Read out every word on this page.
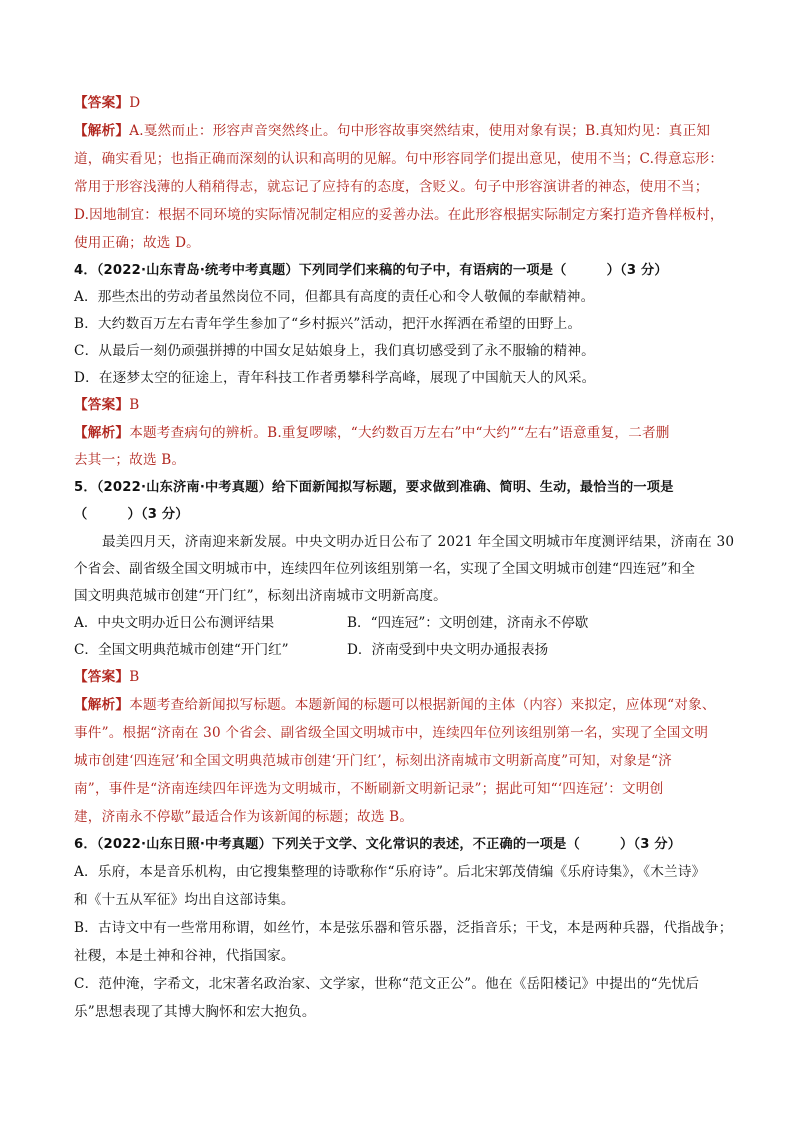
【答案】D
【解析】A.戛然而止：形容声音突然终止。句中形容故事突然结束，使用对象有误；B.真知灼见：真正知
道，确实看见；也指正确而深刻的认识和高明的见解。句中形容同学们提出意见，使用不当；C.得意忘形：
常用于形容浅薄的人稍稍得志，就忘记了应持有的态度，含贬义。句子中形容演讲者的神态，使用不当；
D.因地制宜：根据不同环境的实际情况制定相应的妥善办法。在此形容根据实际制定方案打造齐鲁样板村，
使用正确；故选 D。
4．（2022·山东青岛·统考中考真题）下列同学们来稿的句子中，有语病的一项是（　　　）（3 分）
A．那些杰出的劳动者虽然岗位不同，但都具有高度的责任心和令人敬佩的奉献精神。
B．大约数百万左右青年学生参加了“乡村振兴”活动，把汗水挥洒在希望的田野上。
C．从最后一刻仍顽强拼搏的中国女足姑娘身上，我们真切感受到了永不服输的精神。
D．在逐梦太空的征途上，青年科技工作者勇攀科学高峰，展现了中国航天人的风采。
【答案】B
【解析】本题考查病句的辨析。B.重复啰嗦，“大约数百万左右”中“大约”“左右”语意重复，二者删
去其一；故选 B。
5．（2022·山东济南·中考真题）给下面新闻拟写标题，要求做到准确、简明、生动，最恰当的一项是
（　　　）（3 分）
最美四月天，济南迎来新发展。中央文明办近日公布了 2021 年全国文明城市年度测评结果，济南在 30
个省会、副省级全国文明城市中，连续四年位列该组别第一名，实现了全国文明城市创建“四连冠”和全
国文明典范城市创建“开门红”，标刻出济南城市文明新高度。
A．中央文明办近日公布测评结果	B．“四连冠”：文明创建，济南永不停歇
C．全国文明典范城市创建“开门红”	D．济南受到中央文明办通报表扬
【答案】B
【解析】本题考查给新闻拟写标题。本题新闻的标题可以根据新闻的主体（内容）来拟定，应体现“对象、
事件”。根据“济南在 30 个省会、副省级全国文明城市中，连续四年位列该组别第一名，实现了全国文明
城市创建‘四连冠’和全国文明典范城市创建‘开门红’，标刻出济南城市文明新高度”可知，对象是“济
南”，事件是“济南连续四年评选为文明城市，不断刷新文明新记录”；据此可知“‘四连冠’：文明创
建，济南永不停歇”最适合作为该新闻的标题；故选 B。
6．（2022·山东日照·中考真题）下列关于文学、文化常识的表述，不正确的一项是（　　　）（3 分）
A．乐府，本是音乐机构，由它搜集整理的诗歌称作“乐府诗”。后北宋郭茂倩编《乐府诗集》，《木兰诗》
和《十五从军征》均出自这部诗集。
B．古诗文中有一些常用称谓，如丝竹，本是弦乐器和管乐器，泛指音乐；干戈，本是两种兵器，代指战争；
社稷，本是土神和谷神，代指国家。
C．范仲淹，字希文，北宋著名政治家、文学家，世称“范文正公”。他在《岳阳楼记》中提出的“先忧后
乐”思想表现了其博大胸怀和宏大抱负。
